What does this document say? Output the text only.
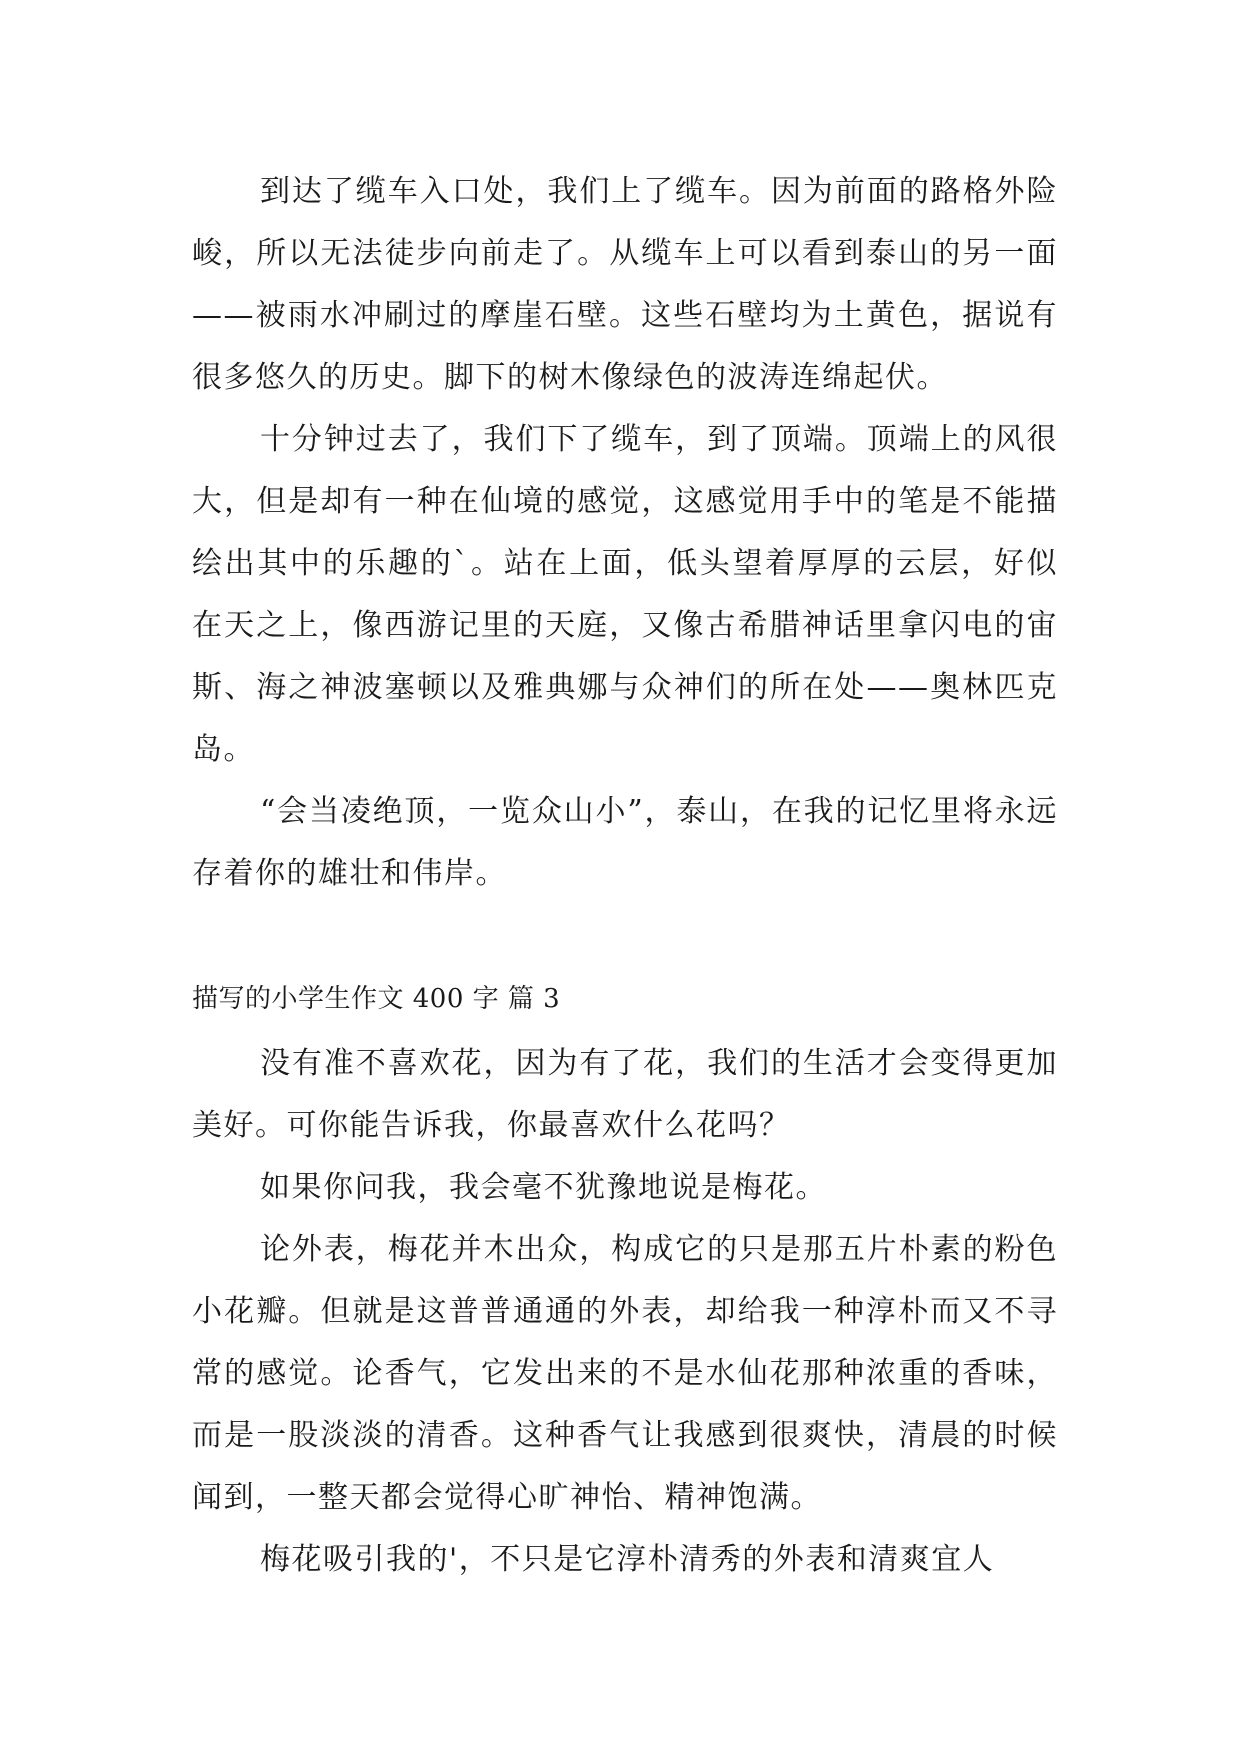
到达了缆车入口处，我们上了缆车。因为前面的路格外险峻，所以无法徒步向前走了。从缆车上可以看到泰山的另一面——被雨水冲刷过的摩崖石壁。这些石壁均为土黄色，据说有很多悠久的历史。脚下的树木像绿色的波涛连绵起伏。

十分钟过去了，我们下了缆车，到了顶端。顶端上的风很大，但是却有一种在仙境的感觉，这感觉用手中的笔是不能描绘出其中的乐趣的`。站在上面，低头望着厚厚的云层，好似在天之上，像西游记里的天庭，又像古希腊神话里拿闪电的宙斯、海之神波塞顿以及雅典娜与众神们的所在处——奥林匹克岛。

“会当凌绝顶，一览众山小”，泰山，在我的记忆里将永远存着你的雄壮和伟岸。

描写的小学生作文 400 字 篇 3

没有准不喜欢花，因为有了花，我们的生活才会变得更加美好。可你能告诉我，你最喜欢什么花吗？

如果你问我，我会毫不犹豫地说是梅花。

论外表，梅花并木出众，构成它的只是那五片朴素的粉色小花瓣。但就是这普普通通的外表，却给我一种淳朴而又不寻常的感觉。论香气，它发出来的不是水仙花那种浓重的香味，而是一股淡淡的清香。这种香气让我感到很爽快，清晨的时候闻到，一整天都会觉得心旷神怡、精神饱满。

梅花吸引我的'，不只是它淳朴清秀的外表和清爽宜人
